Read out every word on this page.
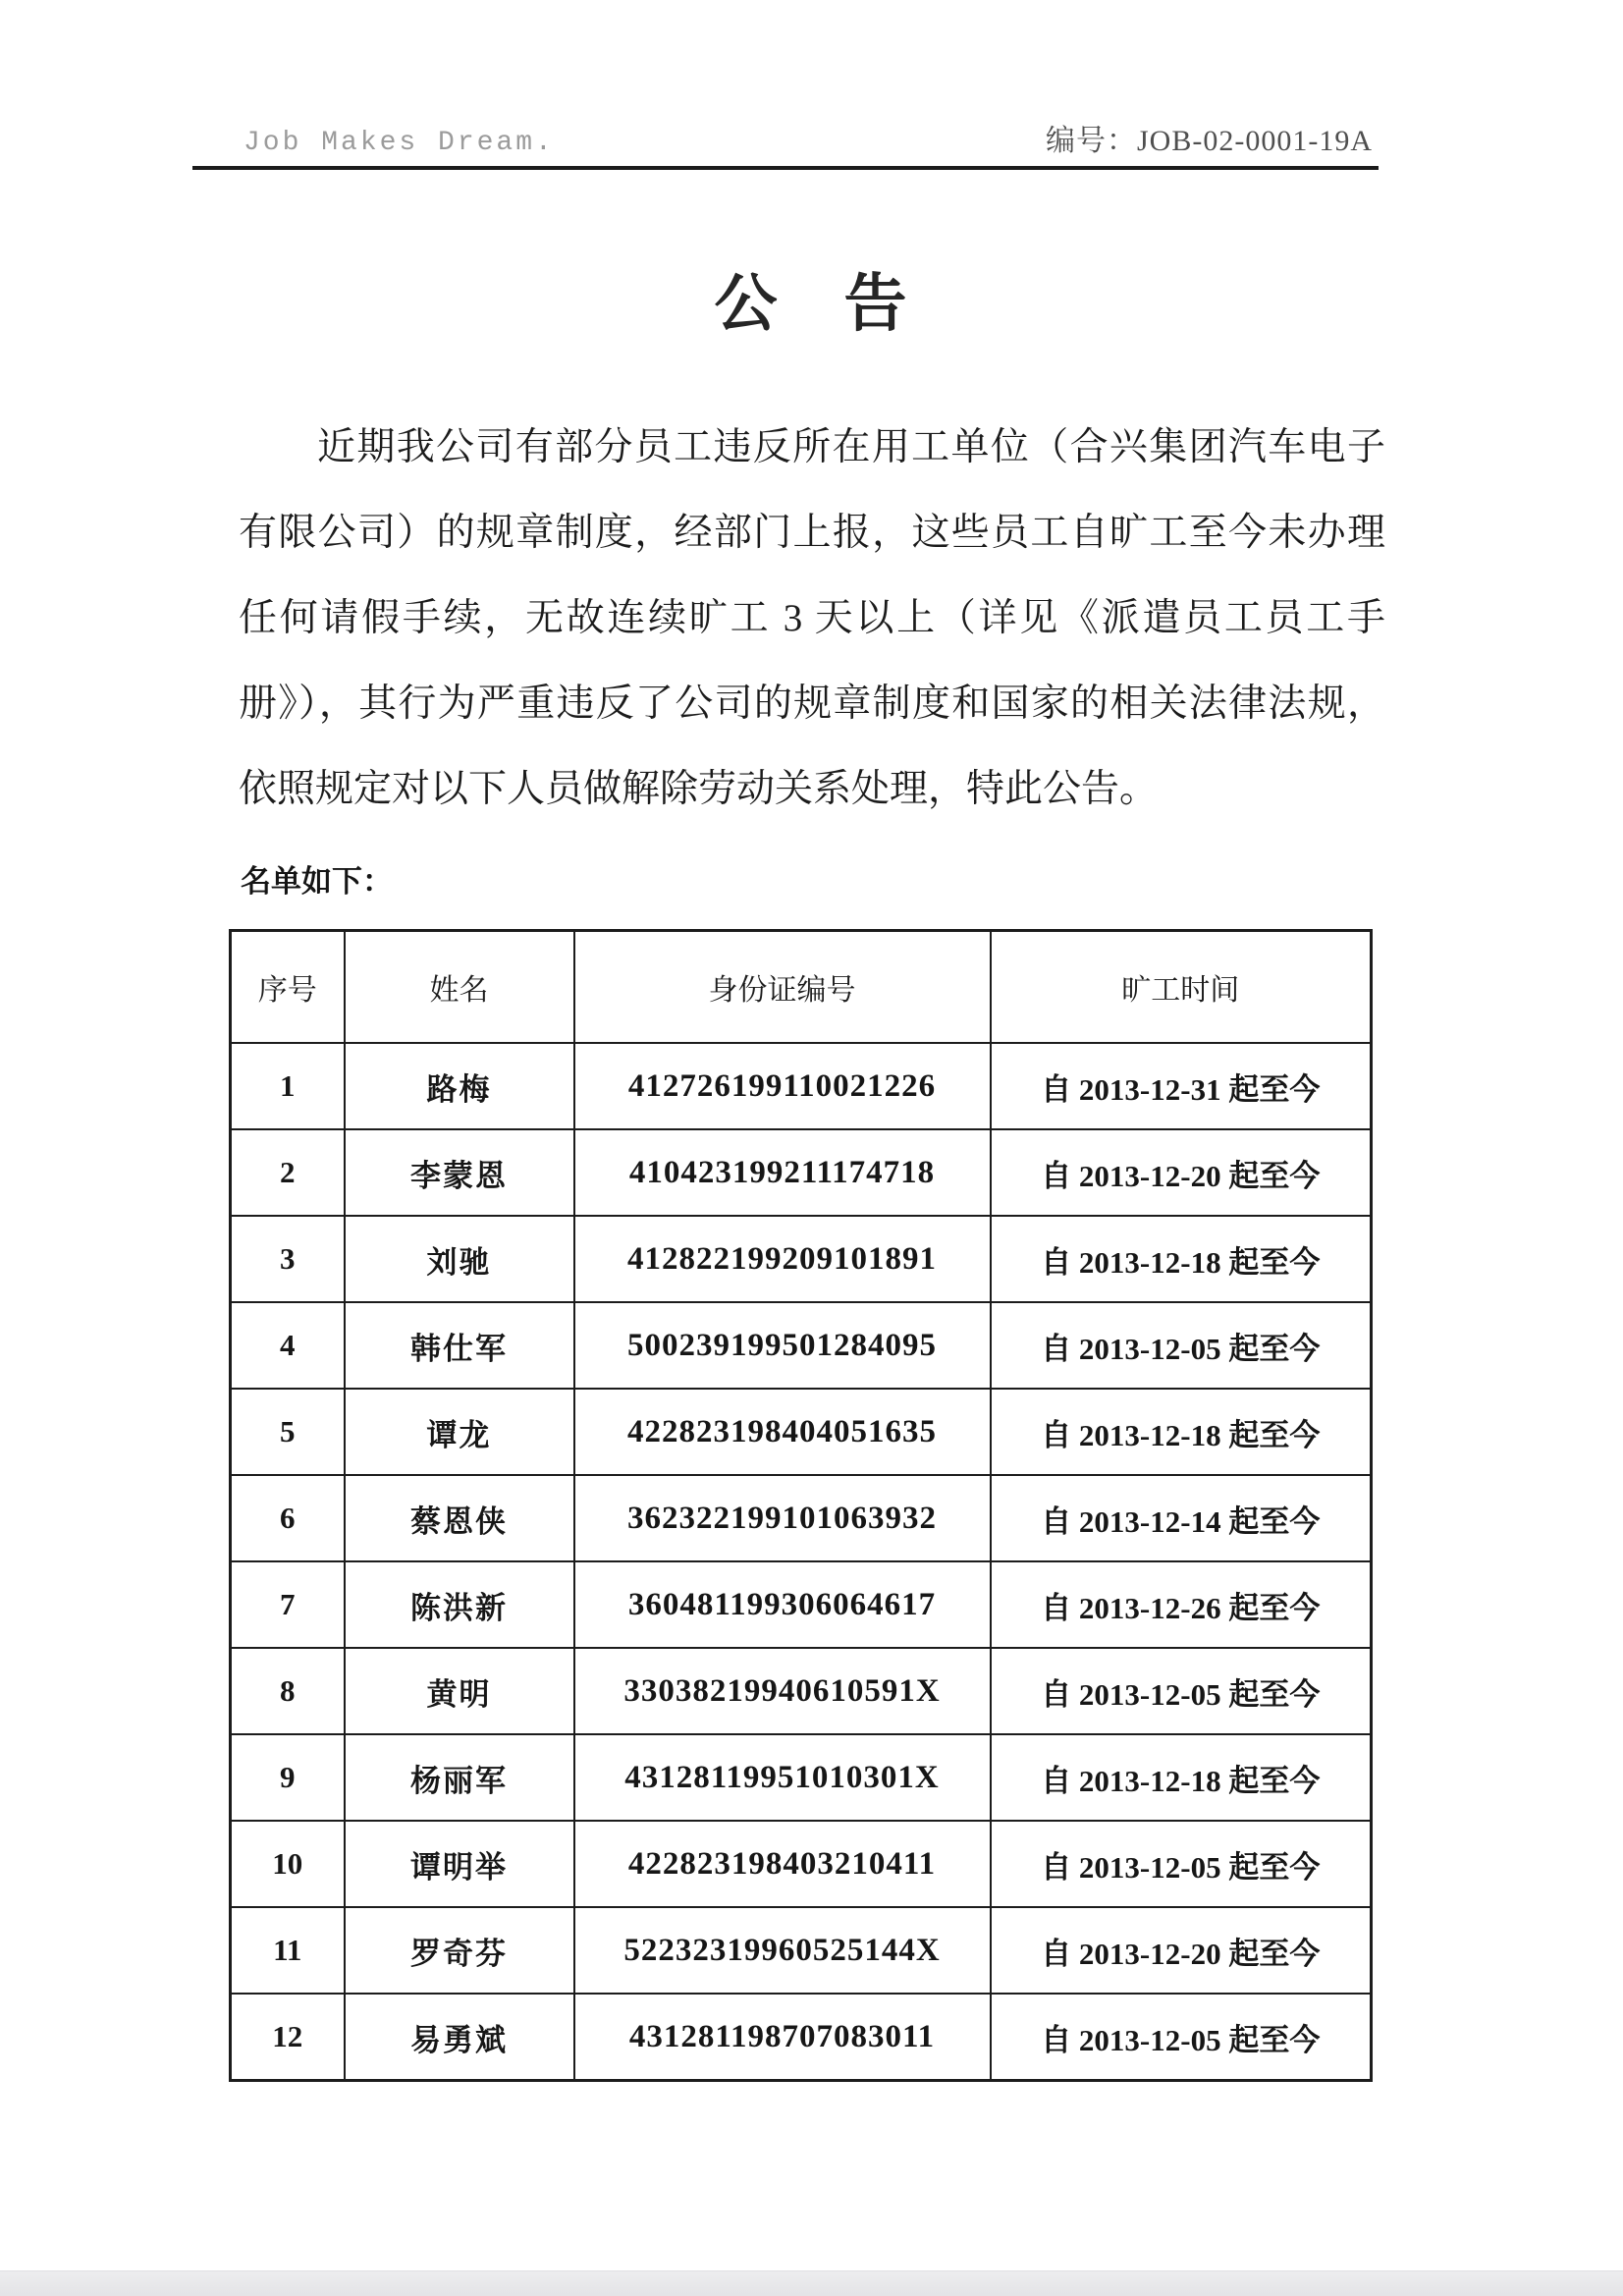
Job Makes Dream.	编号：JOB-02-0001-19A
公　告
近期我公司有部分员工违反所在用工单位（合兴集团汽车电子有限公司）的规章制度，经部门上报，这些员工自旷工至今未办理任何请假手续，无故连续旷工 3 天以上（详见《派遣员工员工手册》），其行为严重违反了公司的规章制度和国家的相关法律法规，依照规定对以下人员做解除劳动关系处理，特此公告。
名单如下：
序号	姓名	身份证编号	旷工时间
1	路梅	412726199110021226	自 2013-12-31 起至今
2	李蒙恩	410423199211174718	自 2013-12-20 起至今
3	刘驰	412822199209101891	自 2013-12-18 起至今
4	韩仕军	500239199501284095	自 2013-12-05 起至今
5	谭龙	422823198404051635	自 2013-12-18 起至今
6	蔡恩侠	362322199101063932	自 2013-12-14 起至今
7	陈洪新	360481199306064617	自 2013-12-26 起至今
8	黄明	33038219940610591X	自 2013-12-05 起至今
9	杨丽军	43128119951010301X	自 2013-12-18 起至今
10	谭明举	422823198403210411	自 2013-12-05 起至今
11	罗奇芬	52232319960525144X	自 2013-12-20 起至今
12	易勇斌	431281198707083011	自 2013-12-05 起至今
